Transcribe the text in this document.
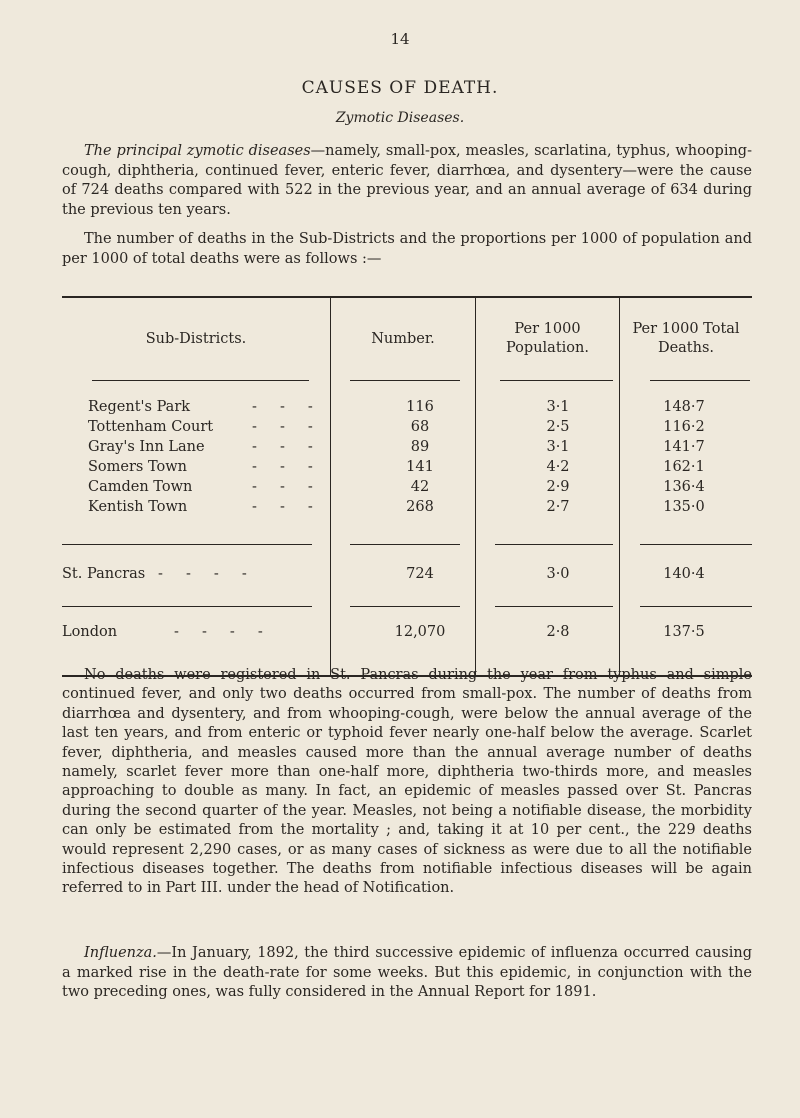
14
CAUSES OF DEATH.
Zymotic Diseases.

The principal zymotic diseases—namely, small-pox, measles, scarlatina, typhus, whooping-cough, diphtheria, continued fever, enteric fever, diarrhœa, and dysentery—were the cause of 724 deaths compared with 522 in the previous year, and an annual average of 634 during the previous ten years.

The number of deaths in the Sub-Districts and the proportions per 1000 of population and per 1000 of total deaths were as follows :—

Sub-Districts.	Number.
Per 1000 Population.
Per 1000 Total Deaths.
Regent's Park	-     -     -	116	3·1	148·7
Tottenham Court	-     -     -	68	2·5	116·2
Gray's Inn Lane	-     -     -	89	3·1	141·7
Somers Town	-     -     -	141	4·2	162·1
Camden Town	-     -     -	42	2·9	136·4
Kentish Town	-     -     -	268	2·7	135·0
St. Pancras -     -     -     -	724	3·0	140·4
London	-     -     -     -	12,070	2·8	137·5

No deaths were registered in St. Pancras during the year from typhus and simple continued fever, and only two deaths occurred from small-pox. The number of deaths from diarrhœa and dysentery, and from whooping-cough, were below the annual average of the last ten years, and from enteric or typhoid fever nearly one-half below the average. Scarlet fever, diphtheria, and measles caused more than the annual average number of deaths namely, scarlet fever more than one-half more, diphtheria two-thirds more, and measles approaching to double as many. In fact, an epidemic of measles passed over St. Pancras during the second quarter of the year. Measles, not being a notifiable disease, the morbidity can only be estimated from the mortality ; and, taking it at 10 per cent., the 229 deaths would represent 2,290 cases, or as many cases of sickness as were due to all the notifiable infectious diseases together. The deaths from notifiable infectious diseases will be again referred to in Part III. under the head of Notification.

Influenza.—In January, 1892, the third successive epidemic of influenza occurred causing a marked rise in the death-rate for some weeks. But this epidemic, in conjunction with the two preceding ones, was fully considered in the Annual Report for 1891.
